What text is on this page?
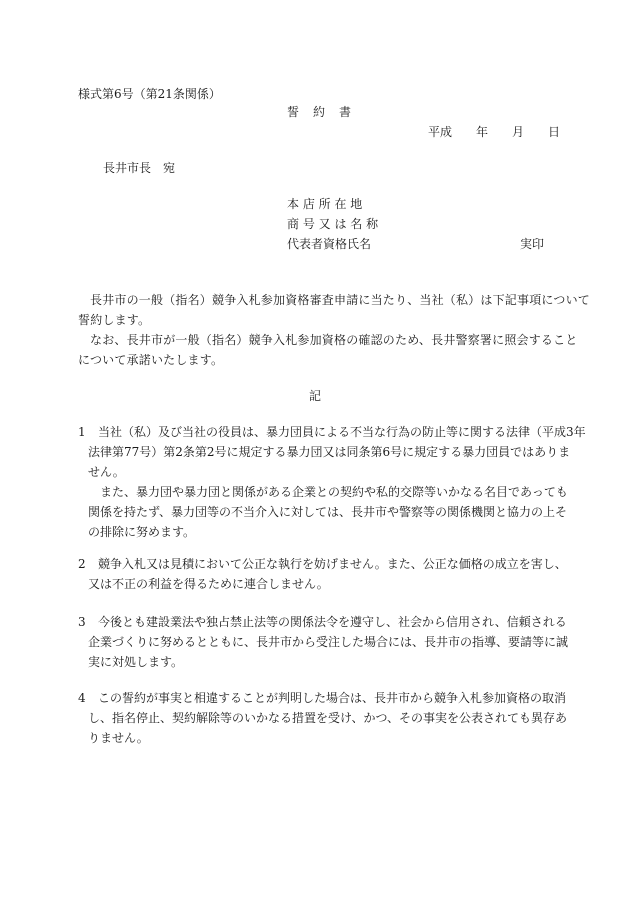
様式第6号（第21条関係）
誓　約　書
平成　　年　　月　　日
長井市長　宛
本 店 所 在 地
商 号 又 は 名 称
代表者資格氏名	実印
長井市の一般（指名）競争入札参加資格審査申請に当たり、当社（私）は下記事項について
誓約します。
なお、長井市が一般（指名）競争入札参加資格の確認のため、長井警察署に照会すること
について承諾いたします。
記
1 当社（私）及び当社の役員は、暴力団員による不当な行為の防止等に関する法律（平成3年
法律第77号）第2条第2号に規定する暴力団又は同条第6号に規定する暴力団員ではありま
せん。
　また、暴力団や暴力団と関係がある企業との契約や私的交際等いかなる名目であっても
関係を持たず、暴力団等の不当介入に対しては、長井市や警察等の関係機関と協力の上そ
の排除に努めます。
2 競争入札又は見積において公正な執行を妨げません。また、公正な価格の成立を害し、
又は不正の利益を得るために連合しません。
3 今後とも建設業法や独占禁止法等の関係法令を遵守し、社会から信用され、信頼される
企業づくりに努めるとともに、長井市から受注した場合には、長井市の指導、要請等に誠
実に対処します。
4 この誓約が事実と相違することが判明した場合は、長井市から競争入札参加資格の取消
し、指名停止、契約解除等のいかなる措置を受け、かつ、その事実を公表されても異存あ
りません。
